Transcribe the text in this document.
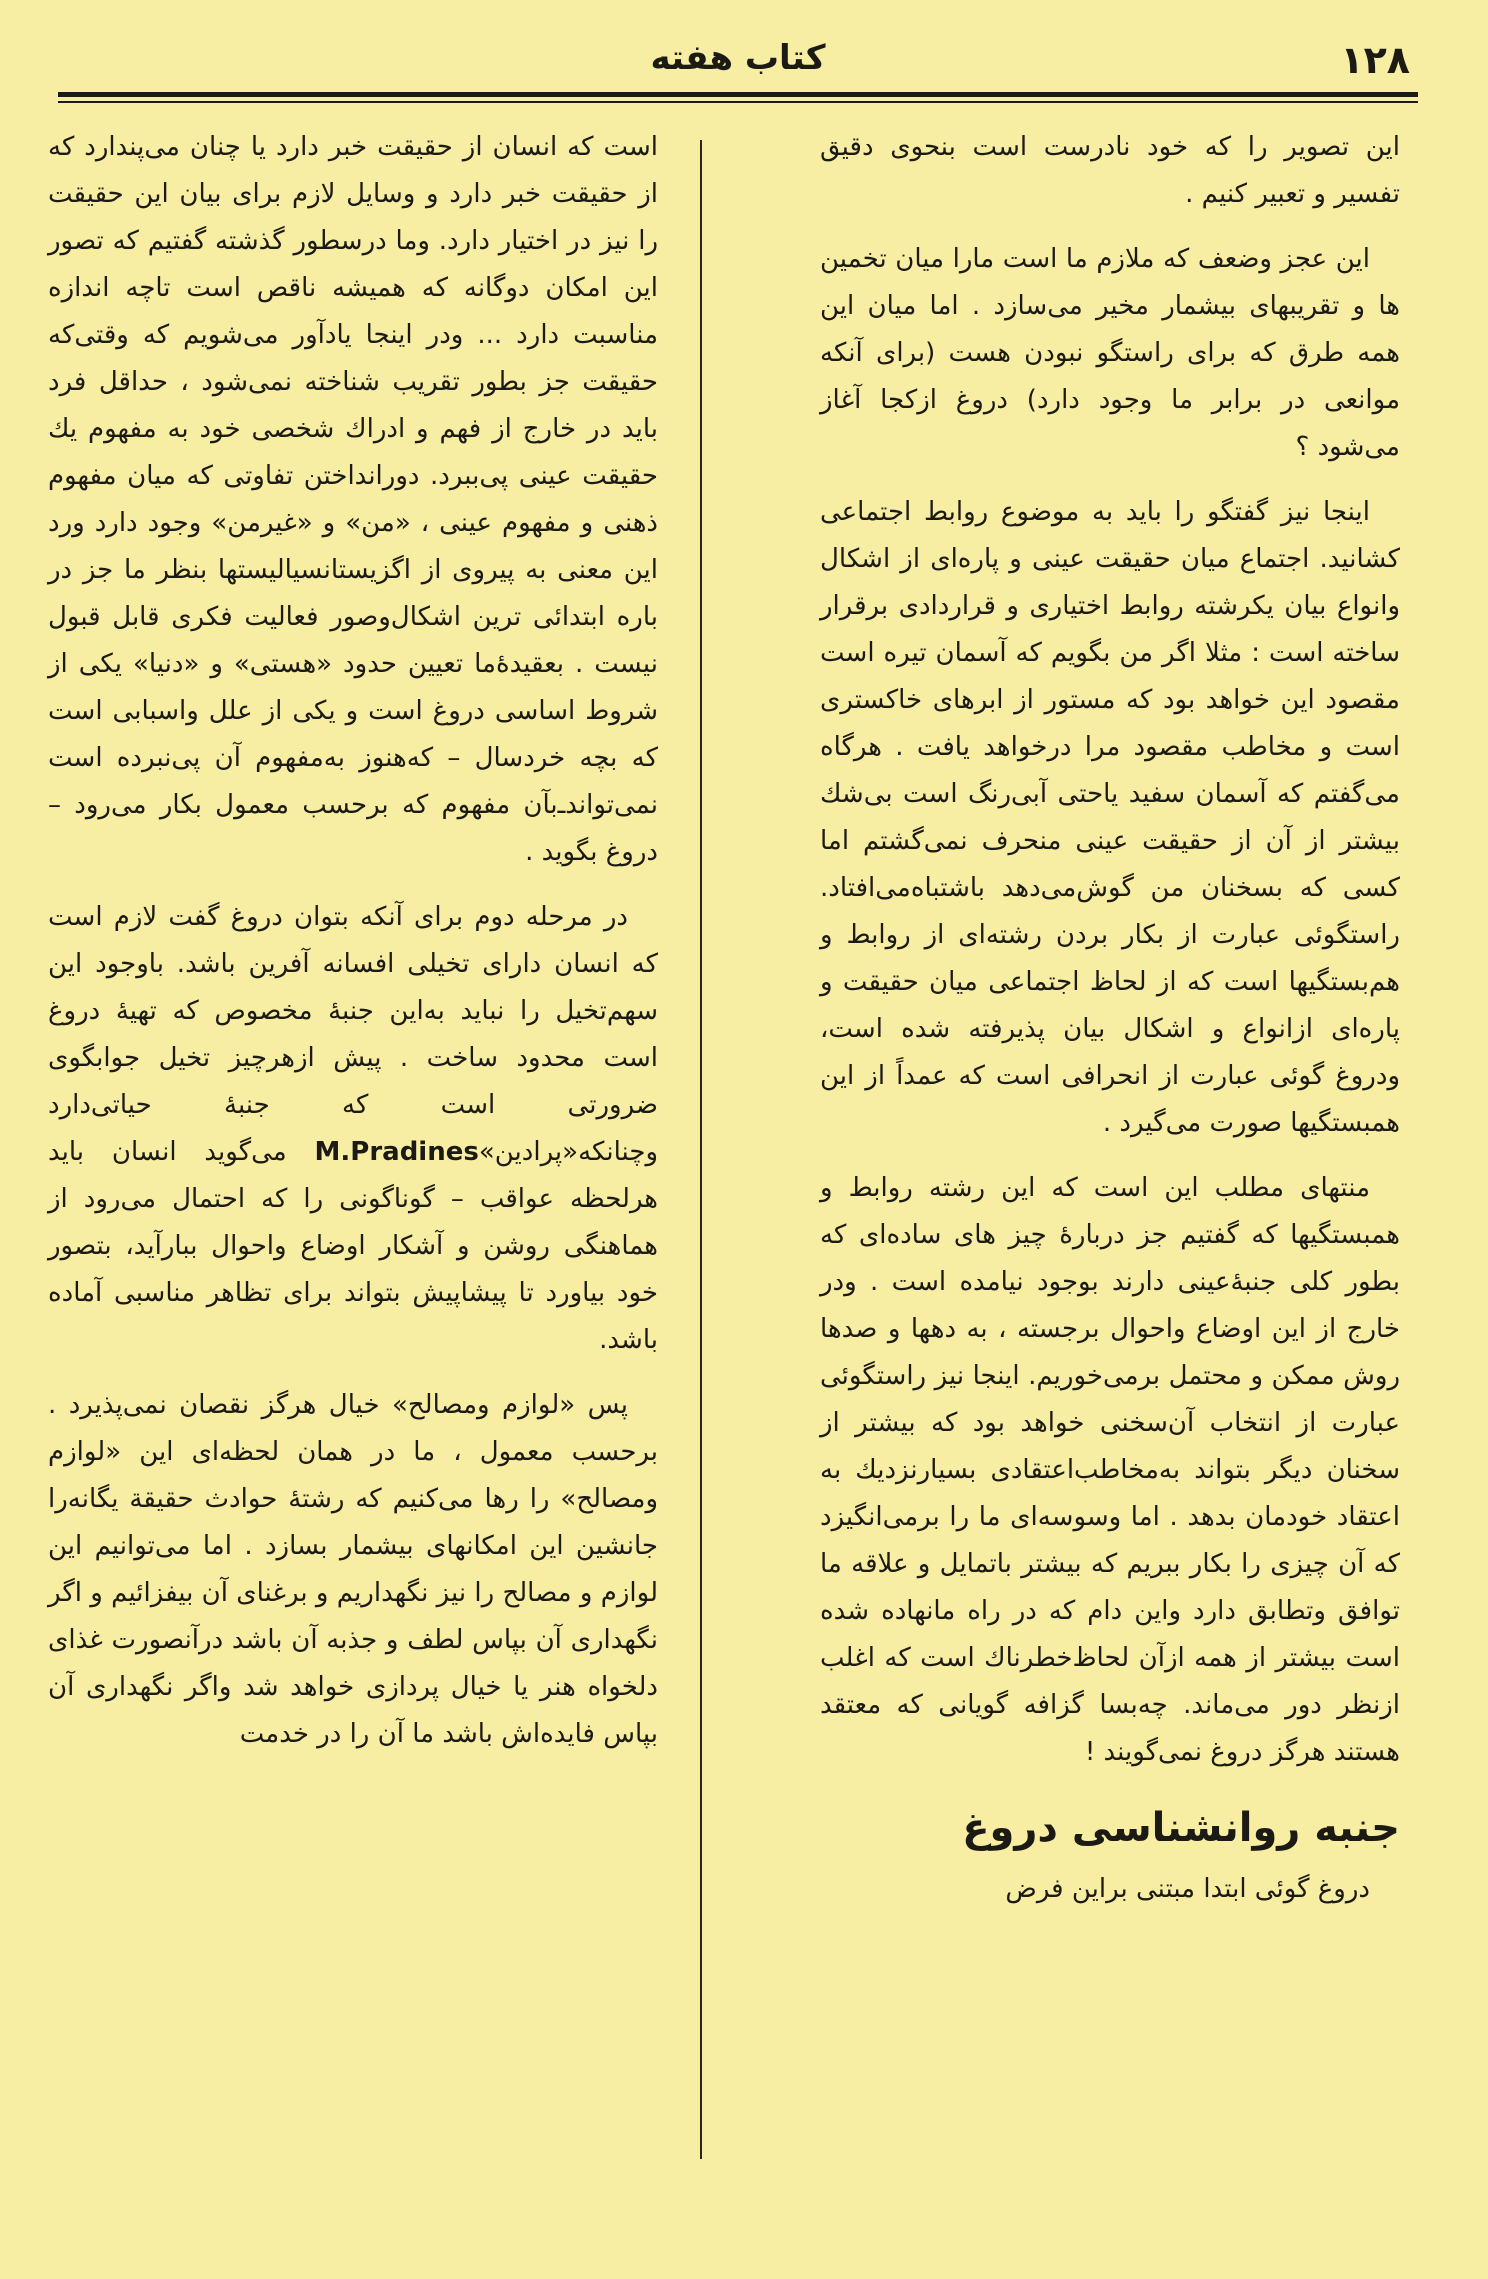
۱۲۸
کتاب هفته

این تصویر را که خود نادرست است بنحوی دقیق تفسیر و تعبیر کنیم .

این عجز وضعف که ملازم ما است مارا میان تخمین ها و تقریبهای بیشمار مخیر می‌سازد . اما میان این همه طرق که برای راستگو نبودن هست (برای آنکه موانعی در برابر ما وجود دارد) دروغ ازکجا آغاز می‌شود ؟

اینجا نیز گفتگو را باید به موضوع روابط اجتماعی کشانید. اجتماع میان حقیقت عینی و پاره‌ای از اشکال وانواع بیان یکرشته روابط اختیاری و قراردادی برقرار ساخته است : مثلا اگر من بگویم که آسمان تیره است مقصود این خواهد بود که مستور از ابرهای خاکستری است و مخاطب مقصود مرا درخواهد یافت . هرگاه می‌گفتم که آسمان سفید یاحتی آبی‌رنگ است بی‌شك بیشتر از آن از حقیقت عینی منحرف نمی‌گشتم اما کسی که بسخنان من گوش‌می‌دهد باشتباه‌می‌افتاد. راستگوئی عبارت از بکار بردن رشته‌ای از روابط و هم‌بستگیها است که از لحاظ اجتماعی میان حقیقت و پاره‌ای ازانواع و اشکال بیان پذیرفته شده است، ودروغ گوئی عبارت از انحرافی است که عمداً از این همبستگیها صورت می‌گیرد .

منتهای مطلب این است که این رشته روابط و همبستگیها که گفتیم جز دربارهٔ چیز های ساده‌ای که بطور کلی جنبهٔ‌عینی دارند بوجود نیامده است . ودر خارج از این اوضاع واحوال برجسته ، به دهها و صدها روش ممکن و محتمل برمی‌خوریم. اینجا نیز راستگوئی عبارت از انتخاب آن‌سخنی خواهد بود که بیشتر از سخنان دیگر بتواند به‌مخاطب‌اعتقادی بسیارنزدیك به اعتقاد خودمان بدهد . اما وسوسه‌ای ما را برمی‌انگیزد که آن چیزی را بکار ببریم که بیشتر باتمایل و علاقه ما توافق وتطابق دارد واین دام که در راه مانهاده شده است بیشتر از همه ازآن لحاظ‌خطرناك است که اغلب ازنظر دور می‌ماند. چه‌بسا گزافه گویانی که معتقد هستند هرگز دروغ نمی‌گویند !

جنبه روانشناسی دروغ

دروغ گوئی ابتدا مبتنی براین فرض

است که انسان از حقیقت خبر دارد یا چنان می‌پندارد که از حقیقت خبر دارد و وسایل لازم برای بیان این حقیقت را نیز در اختیار دارد. وما درسطور گذشته گفتیم که تصور این امکان دوگانه که همیشه ناقص است تاچه اندازه مناسبت دارد ... ودر اینجا یادآور می‌شویم که وقتی‌که حقیقت جز بطور تقریب شناخته نمی‌شود ، حداقل فرد باید در خارج از فهم و ادراك شخصی خود به مفهوم یك حقیقت عینی پی‌ببرد. دورانداختن تفاوتی که میان مفهوم ذهنی و مفهوم عینی ، «من» و «غیرمن» وجود دارد ورد این معنی به پیروی از اگزیستانسیالیستها بنظر ما جز در باره ابتدائی ترین اشکال‌وصور فعالیت فکری قابل قبول نیست . بعقیدهٔ‌ما تعیین حدود «هستی» و «دنیا» یکی از شروط اساسی دروغ است و یکی از علل واسبابی است که بچه خردسال – که‌هنوز به‌مفهوم آن پی‌نبرده است نمی‌تواند‌ـ‌بآن مفهوم که برحسب معمول بکار می‌رود – دروغ بگوید .

در مرحله دوم برای آنکه بتوان دروغ گفت لازم است که انسان دارای تخیلی افسانه آفرین باشد. باوجود این سهم‌تخیل را نباید به‌این جنبهٔ مخصوص که تهیهٔ دروغ است محدود ساخت . پیش ازهرچیز تخیل جوابگوی ضرورتی است که جنبهٔ حیاتی‌دارد وچنانکه«پرادین»M.Pradines می‌گوید انسان باید هرلحظه عواقب – گوناگونی را که احتمال می‌رود از هماهنگی روشن و آشکار اوضاع واحوال ببارآید، بتصور خود بیاورد تا پیشاپیش بتواند برای تظاهر مناسبی آماده باشد.

پس «لوازم ومصالح» خیال هرگز نقصان نمی‌پذیرد . برحسب معمول ، ما در همان لحظه‌ای این «لوازم ومصالح» را رها می‌کنیم که رشتهٔ حوادث حقیقة یگانه‌را جانشین این امکانهای بیشمار بسازد . اما می‌توانیم این لوازم و مصالح را نیز نگهداریم و برغنای آن بیفزائیم و اگر نگهداری آن بپاس لطف و جذبه آن باشد درآنصورت غذای دلخواه هنر یا خیال پردازی خواهد شد واگر نگهداری آن بپاس فایده‌اش باشد ما آن را در خدمت
